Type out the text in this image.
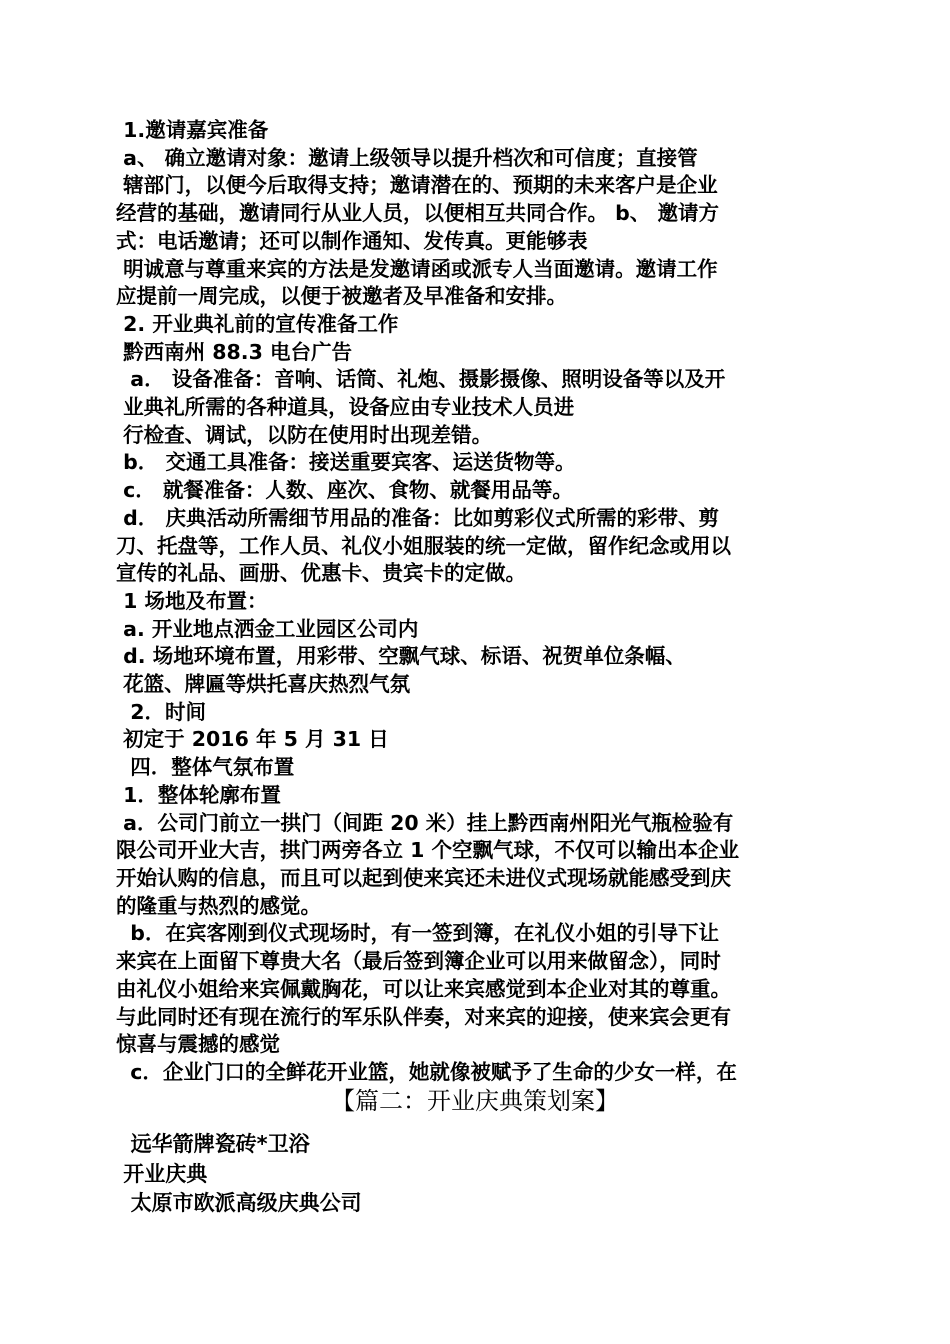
1.邀请嘉宾准备
a、 确立邀请对象：邀请上级领导以提升档次和可信度；直接管
辖部门，以便今后取得支持；邀请潜在的、预期的未来客户是企业
经营的基础，邀请同行从业人员，以便相互共同合作。 b、 邀请方
式：电话邀请；还可以制作通知、发传真。更能够表
明诚意与尊重来宾的方法是发邀请函或派专人当面邀请。邀请工作
应提前一周完成，以便于被邀者及早准备和安排。
2. 开业典礼前的宣传准备工作
黔西南州 88.3 电台广告
a． 设备准备：音响、话筒、礼炮、摄影摄像、照明设备等以及开
业典礼所需的各种道具，设备应由专业技术人员进
行检查、调试，以防在使用时出现差错。
b． 交通工具准备：接送重要宾客、运送货物等。
c． 就餐准备：人数、座次、食物、就餐用品等。
d． 庆典活动所需细节用品的准备：比如剪彩仪式所需的彩带、剪
刀、托盘等，工作人员、礼仪小姐服装的统一定做，留作纪念或用以
宣传的礼品、画册、优惠卡、贵宾卡的定做。
1 场地及布置：
a. 开业地点洒金工业园区公司内
d. 场地环境布置，用彩带、空飘气球、标语、祝贺单位条幅、
花篮、牌匾等烘托喜庆热烈气氛
2．时间
初定于 2016 年 5 月 31 日
四．整体气氛布置
1．整体轮廓布置
a．公司门前立一拱门（间距 20 米）挂上黔西南州阳光气瓶检验有
限公司开业大吉，拱门两旁各立 1 个空飘气球，不仅可以输出本企业
开始认购的信息，而且可以起到使来宾还未进仪式现场就能感受到庆
的隆重与热烈的感觉。
b．在宾客刚到仪式现场时，有一签到簿，在礼仪小姐的引导下让
来宾在上面留下尊贵大名（最后签到簿企业可以用来做留念），同时
由礼仪小姐给来宾佩戴胸花，可以让来宾感觉到本企业对其的尊重。
与此同时还有现在流行的军乐队伴奏，对来宾的迎接，使来宾会更有
惊喜与震撼的感觉
c．企业门口的全鲜花开业篮，她就像被赋予了生命的少女一样，在
【篇二：开业庆典策划案】
远华箭牌瓷砖*卫浴
开业庆典
太原市欧派高级庆典公司
